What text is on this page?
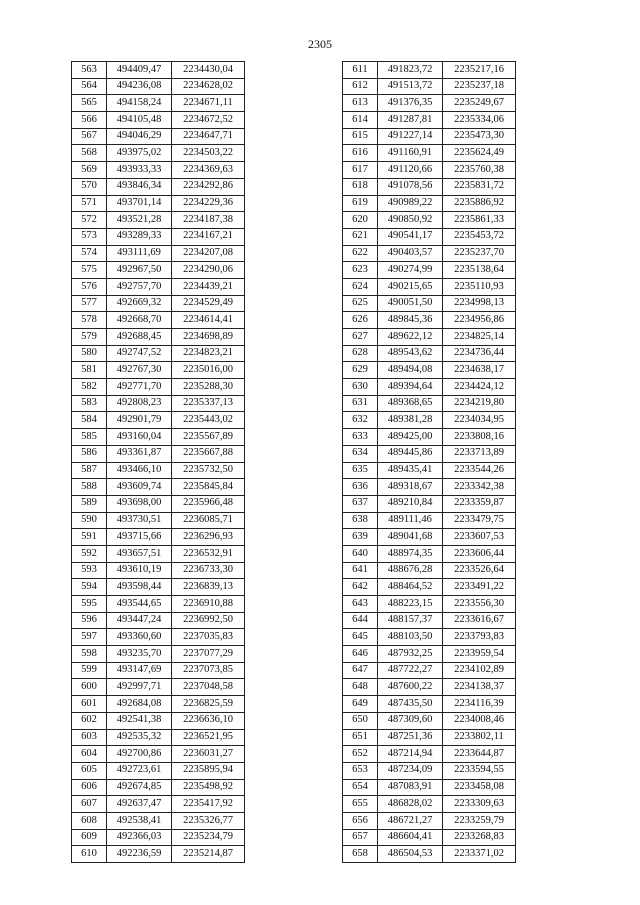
2305
563	494409,47	2234430,04
564	494236,08	2234628,02
565	494158,24	2234671,11
566	494105,48	2234672,52
567	494046,29	2234647,71
568	493975,02	2234503,22
569	493933,33	2234369,63
570	493846,34	2234292,86
571	493701,14	2234229,36
572	493521,28	2234187,38
573	493289,33	2234167,21
574	493111,69	2234207,08
575	492967,50	2234290,06
576	492757,70	2234439,21
577	492669,32	2234529,49
578	492668,70	2234614,41
579	492688,45	2234698,89
580	492747,52	2234823,21
581	492767,30	2235016,00
582	492771,70	2235288,30
583	492808,23	2235337,13
584	492901,79	2235443,02
585	493160,04	2235567,89
586	493361,87	2235667,88
587	493466,10	2235732,50
588	493609,74	2235845,84
589	493698,00	2235966,48
590	493730,51	2236085,71
591	493715,66	2236296,93
592	493657,51	2236532,91
593	493610,19	2236733,30
594	493598,44	2236839,13
595	493544,65	2236910,88
596	493447,24	2236992,50
597	493360,60	2237035,83
598	493235,70	2237077,29
599	493147,69	2237073,85
600	492997,71	2237048,58
601	492684,08	2236825,59
602	492541,38	2236636,10
603	492535,32	2236521,95
604	492700,86	2236031,27
605	492723,61	2235895,94
606	492674,85	2235498,92
607	492637,47	2235417,92
608	492538,41	2235326,77
609	492366,03	2235234,79
610	492236,59	2235214,87
611	491823,72	2235217,16
612	491513,72	2235237,18
613	491376,35	2235249,67
614	491287,81	2235334,06
615	491227,14	2235473,30
616	491160,91	2235624,49
617	491120,66	2235760,38
618	491078,56	2235831,72
619	490989,22	2235886,92
620	490850,92	2235861,33
621	490541,17	2235453,72
622	490403,57	2235237,70
623	490274,99	2235138,64
624	490215,65	2235110,93
625	490051,50	2234998,13
626	489845,36	2234956,86
627	489622,12	2234825,14
628	489543,62	2234736,44
629	489494,08	2234638,17
630	489394,64	2234424,12
631	489368,65	2234219,80
632	489381,28	2234034,95
633	489425,00	2233808,16
634	489445,86	2233713,89
635	489435,41	2233544,26
636	489318,67	2233342,38
637	489210,84	2233359,87
638	489111,46	2233479,75
639	489041,68	2233607,53
640	488974,35	2233606,44
641	488676,28	2233526,64
642	488464,52	2233491,22
643	488223,15	2233556,30
644	488157,37	2233616,67
645	488103,50	2233793,83
646	487932,25	2233959,54
647	487722,27	2234102,89
648	487600,22	2234138,37
649	487435,50	2234116,39
650	487309,60	2234008,46
651	487251,36	2233802,11
652	487214,94	2233644,87
653	487234,09	2233594,55
654	487083,91	2233458,08
655	486828,02	2233309,63
656	486721,27	2233259,79
657	486604,41	2233268,83
658	486504,53	2233371,02
